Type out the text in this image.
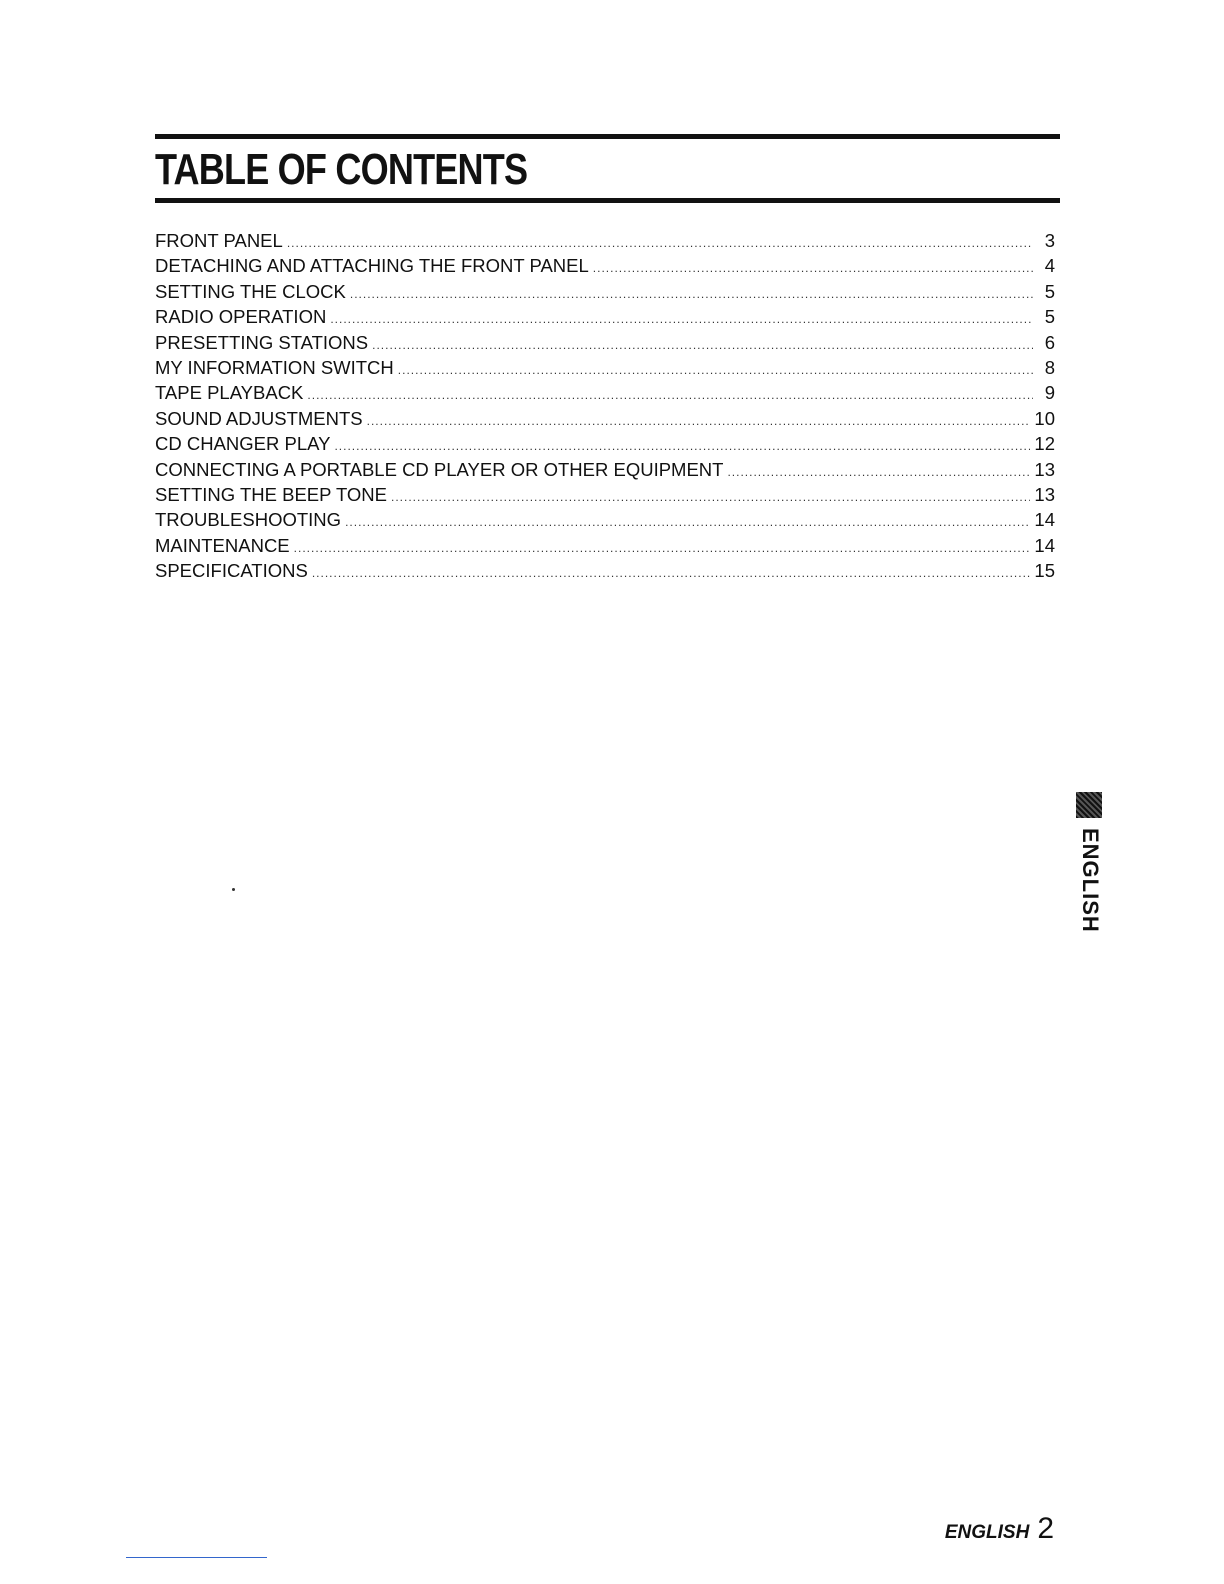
TABLE OF CONTENTS
FRONT PANEL .....	3
DETACHING AND ATTACHING THE FRONT PANEL .....	4
SETTING THE CLOCK .....	5
RADIO OPERATION .....	5
PRESETTING STATIONS .....	6
MY INFORMATION SWITCH .....	8
TAPE PLAYBACK .....	9
SOUND ADJUSTMENTS .....	10
CD CHANGER PLAY .....	12
CONNECTING A PORTABLE CD PLAYER OR OTHER EQUIPMENT .....	13
SETTING THE BEEP TONE .....	13
TROUBLESHOOTING .....	14
MAINTENANCE .....	14
SPECIFICATIONS .....	15

ENGLISH

ENGLISH 2
